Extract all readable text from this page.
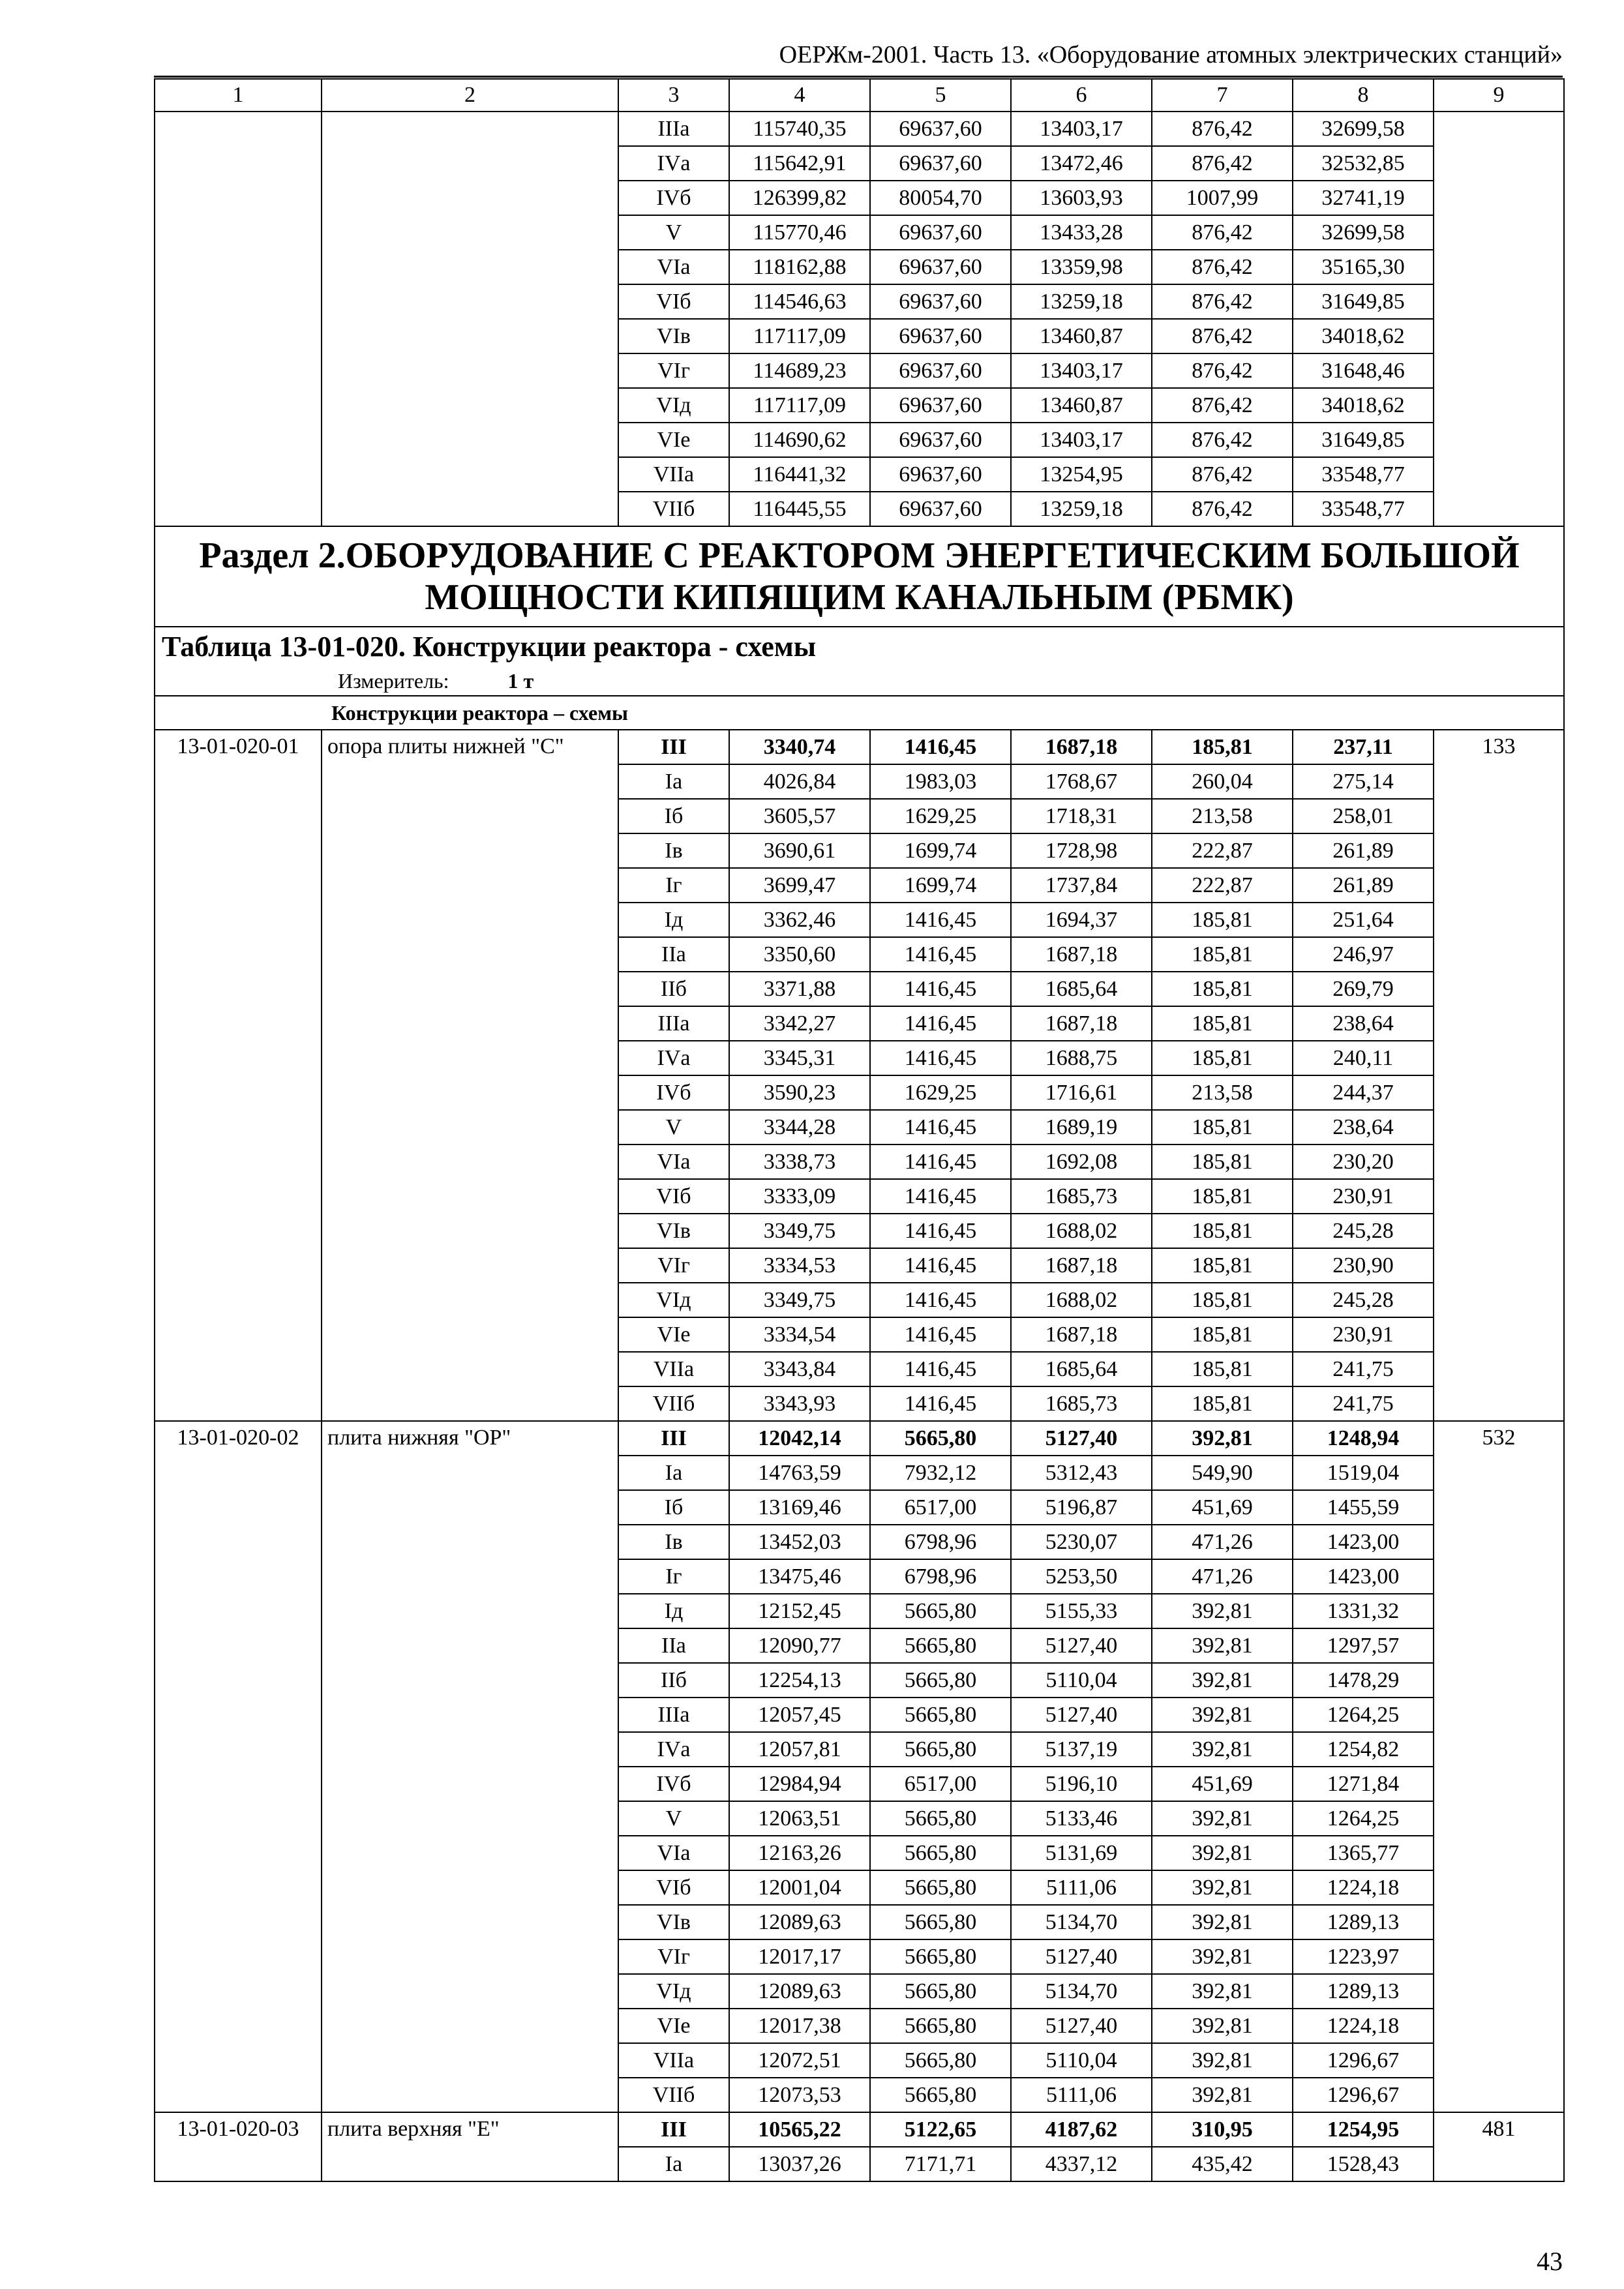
ОЕРЖм-2001. Часть 13. «Оборудование атомных электрических станций»
1	2	3	4	5	6	7	8	9
		IIIа	115740,35	69637,60	13403,17	876,42	32699,58	
		IVа	115642,91	69637,60	13472,46	876,42	32532,85	
		IVб	126399,82	80054,70	13603,93	1007,99	32741,19	
		V	115770,46	69637,60	13433,28	876,42	32699,58	
		VIа	118162,88	69637,60	13359,98	876,42	35165,30	
		VIб	114546,63	69637,60	13259,18	876,42	31649,85	
		VIв	117117,09	69637,60	13460,87	876,42	34018,62	
		VIг	114689,23	69637,60	13403,17	876,42	31648,46	
		VIд	117117,09	69637,60	13460,87	876,42	34018,62	
		VIе	114690,62	69637,60	13403,17	876,42	31649,85	
		VIIа	116441,32	69637,60	13254,95	876,42	33548,77	
		VIIб	116445,55	69637,60	13259,18	876,42	33548,77	
Раздел 2.ОБОРУДОВАНИЕ С РЕАКТОРОМ ЭНЕРГЕТИЧЕСКИМ БОЛЬШОЙ МОЩНОСТИ КИПЯЩИМ КАНАЛЬНЫМ (РБМК)								

Таблица 13-01-020. Конструкции реактора - схемы
Измеритель: 1 т								

Конструкции реактора – схемы								
13-01-020-01	опора плиты нижней "С"	III	3340,74	1416,45	1687,18	185,81	237,11	133
		Iа	4026,84	1983,03	1768,67	260,04	275,14	
		Iб	3605,57	1629,25	1718,31	213,58	258,01	
		Iв	3690,61	1699,74	1728,98	222,87	261,89	
		Iг	3699,47	1699,74	1737,84	222,87	261,89	
		Iд	3362,46	1416,45	1694,37	185,81	251,64	
		IIа	3350,60	1416,45	1687,18	185,81	246,97	
		IIб	3371,88	1416,45	1685,64	185,81	269,79	
		IIIа	3342,27	1416,45	1687,18	185,81	238,64	
		IVа	3345,31	1416,45	1688,75	185,81	240,11	
		IVб	3590,23	1629,25	1716,61	213,58	244,37	
		V	3344,28	1416,45	1689,19	185,81	238,64	
		VIа	3338,73	1416,45	1692,08	185,81	230,20	
		VIб	3333,09	1416,45	1685,73	185,81	230,91	
		VIв	3349,75	1416,45	1688,02	185,81	245,28	
		VIг	3334,53	1416,45	1687,18	185,81	230,90	
		VIд	3349,75	1416,45	1688,02	185,81	245,28	
		VIе	3334,54	1416,45	1687,18	185,81	230,91	
		VIIа	3343,84	1416,45	1685,64	185,81	241,75	
		VIIб	3343,93	1416,45	1685,73	185,81	241,75	
13-01-020-02	плита нижняя "ОР"	III	12042,14	5665,80	5127,40	392,81	1248,94	532
		Iа	14763,59	7932,12	5312,43	549,90	1519,04	
		Iб	13169,46	6517,00	5196,87	451,69	1455,59	
		Iв	13452,03	6798,96	5230,07	471,26	1423,00	
		Iг	13475,46	6798,96	5253,50	471,26	1423,00	
		Iд	12152,45	5665,80	5155,33	392,81	1331,32	
		IIа	12090,77	5665,80	5127,40	392,81	1297,57	
		IIб	12254,13	5665,80	5110,04	392,81	1478,29	
		IIIа	12057,45	5665,80	5127,40	392,81	1264,25	
		IVа	12057,81	5665,80	5137,19	392,81	1254,82	
		IVб	12984,94	6517,00	5196,10	451,69	1271,84	
		V	12063,51	5665,80	5133,46	392,81	1264,25	
		VIа	12163,26	5665,80	5131,69	392,81	1365,77	
		VIб	12001,04	5665,80	5111,06	392,81	1224,18	
		VIв	12089,63	5665,80	5134,70	392,81	1289,13	
		VIг	12017,17	5665,80	5127,40	392,81	1223,97	
		VIд	12089,63	5665,80	5134,70	392,81	1289,13	
		VIе	12017,38	5665,80	5127,40	392,81	1224,18	
		VIIа	12072,51	5665,80	5110,04	392,81	1296,67	
		VIIб	12073,53	5665,80	5111,06	392,81	1296,67	
13-01-020-03	плита верхняя "Е"	III	10565,22	5122,65	4187,62	310,95	1254,95	481
		Iа	13037,26	7171,71	4337,12	435,42	1528,43	
43
